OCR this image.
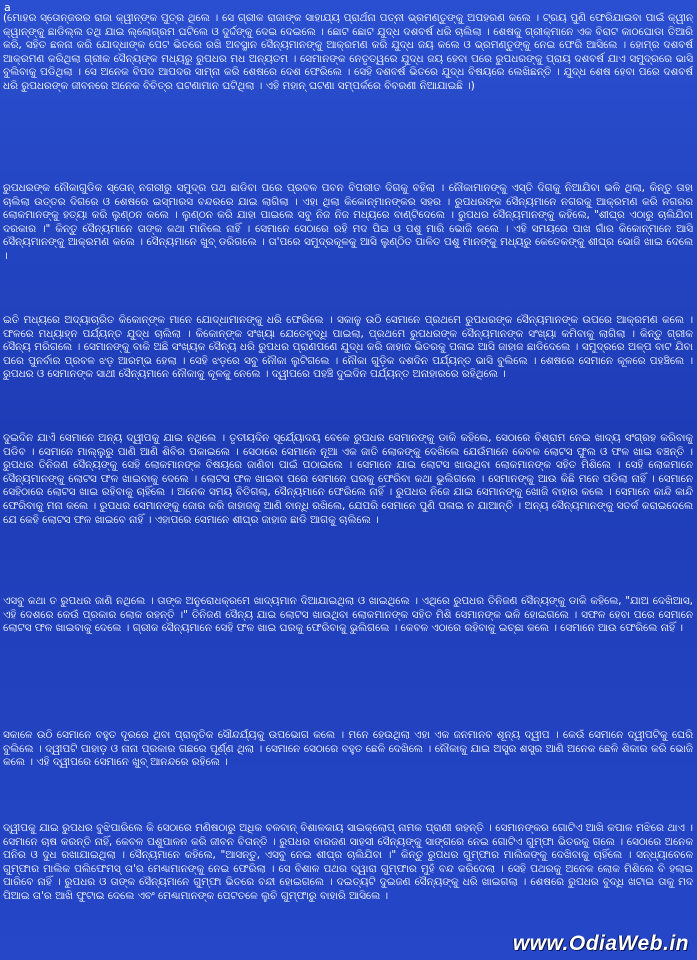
a

(ମୋହର ସ୍ତୋନ୍‌ଜରର ରାଜା କ୍ୱୀନ୍‌ଙ୍କ ପୁତ୍ର ଥିଲେ । ସେ ଗ୍ରୀକ ରାଜାଙ୍କ ସାହାଯ୍ୟ ପ୍ରାର୍ଥନା ପତ୍ନୀ ଭ୍ରମଣ୍ତୁଙ୍କୁ ଅପହରଣ କଲେ । ଟ୍ରୟ ପୁଣି ଫେରିଯାଇବା ପାଇଁ କ୍ୱୀନ୍ କ୍ୱାନ୍‌ଙ୍କୁ ଛାଡିଲ୍ଲ ତଥି ଯାଇ ଲ୍ଲୋଗ୍ରମ ଘଟିଲେ ଓ ଦୁର୍ଦ୍ଦଙ୍କୁ ଦେଇ ଦେଇଲେ । ଛୋଟ ଛୋଟ ଯୁଦ୍ଧ ଦଶବର୍ଷ ଧରି ଚାଲିଲା । ଶେଷକୁ ଗ୍ରୀକ୍‌ମାନେ ଏକ ବିରାଟ କାଠଘୋଡା ତିଆରି କରି, ସହିତ ଛଳନା କରି ଯୋଦ୍ଧାଙ୍କ ପେଟ ଭିତରେ ରଖି ଅବସ୍ଥାନ ସୈନ୍ୟମାନଙ୍କୁ ଆକ୍ରମଣ କରି ଯୁଦ୍ଧ ଜୟ କଲେ ଓ ଭ୍ରମଣ୍ତୁଙ୍କୁ ନେଇ ଫେରି ଆସିଲେ । ହୋମ୍ର ଦଶବର୍ଷ ଆକ୍ରମଣ କରିଥିଲା ଗ୍ରୀକ ସୈନ୍ୟଙ୍କ ମଧ୍ୟରୁ ରୁପଧର ମଧ ଅନ୍ୟତମ । ସେମାନଙ୍କ ନେତୃତ୍ୱରେ ଯୁଦ୍ଧ ଜୟ ହେବା ପରେ ରୁପଧରଙ୍କୁ ପ୍ରାୟ ଦଶବର୍ଷ ଯାଏ ସମୁଦ୍ରରେ ଭାସି ବୁଲିବାକୁ ପଡିଥିଲା । ସେ ଅନେକ ବିପଦ ଆପଦର ସାମ୍ନା କରି ଶେଷରେ ଦେଶ ଫେରିଲେ । ସେହି ଦଶବର୍ଷ ଭିତରେ ଯୁଦ୍ଧ ବିଷୟରେ ଲେଖିଛନ୍ତି । ଯୁଦ୍ଧ ଶେଷ ହେବା ପରେ ଦଶବର୍ଷ ଧରି ରୁପଧରଙ୍କ ଜୀବନରେ ଅନେକ ବିଚିତ୍ର ଘଟଣାମାନ ଘଟିଥିଲା । ଏହି ମହାନ୍ ଘଟଣା ସମ୍ପର୍କରେ ବିବରଣୀ ନିଆଯାଇଛି ।)

ରୁପଧରଙ୍କ ନୌକାଗୁଡିକ ସ୍ତୋନ୍ ନଗରୀରୁ ସମୁଦ୍ର ପଥ ଛାଡିବା ପରେ ପ୍ରବଳ ପବନ ବିପରୀତ ଦିଗକୁ ବହିଲା । ନୌକାମାନଙ୍କୁ ଏସ୍ତି ଦିଗକୁ ନିଆଯିବା ଭଳି ଥିଲା, କିନ୍ତୁ ତାହା ଚାଲିଲା ଉତ୍ତର ଦିଗରେ ଓ ଶେଷରେ ଇସ୍ମାରସ ବନ୍ଦରରେ ଯାଇ ଲାଗିଲା । ଏହା ଥିଲା କିକୋନ୍‌ମାନଙ୍କର ସହର । ରୁପଧରଙ୍କ ସୈନ୍ୟମାନେ ନଗରକୁ ଆକ୍ରମଣ କରି ନଗରର ଲୋକମାନଙ୍କୁ ହତ୍ୟା କରି ଲୁଣ୍ଠନ କଲେ । ଲୁଣ୍ଠନ କରି ଯାହା ପାଇଲେ ସବୁ ନିଜ ନିଜ ମଧ୍ୟରେ ବାଣ୍ଟିଦେଲେ । ରୁପଧର ସୈନ୍ୟମାନଙ୍କୁ କହିଲେ, "ଶୀଘ୍ର ଏଠାରୁ ଚାଲିଯିବା ଦରକାର ।" କିନ୍ତୁ ସୈନ୍ୟମାନେ ତାଙ୍କ କଥା ମାନିଲେ ନାହିଁ । ସେମାନେ ସେଠାରେ ରହି ମଦ ପିଇ ଓ ପଶୁ ମାରି ଭୋଜି କଲେ । ଏହି ସମୟରେ ପାଖ ଗାଁର କିକୋନ୍‌ମାନେ ଆସି ସୈନ୍ୟମାନଙ୍କୁ ଆକ୍ରମଣ କଲେ । ସୈନ୍ୟମାନେ ଖୁବ୍ ଡରିଗଲେ । ତା'ପରେ ସମୁଦ୍ରକୂଳକୁ ଆସି ଲୁଣ୍ଠିତ ପାଳିତ ପଶୁ ମାନଙ୍କୁ ମଧ୍ୟରୁ କେତେକଙ୍କୁ ଶୀଘ୍ର ଭୋଜି ଖାଇ ଦେଲେ ।

ଇତି ମଧ୍ୟରେ ଅଦ୍ୟାଚାରିତ କିକୋନ୍‌ଙ୍କ ମାନେ ଯୋଦ୍ଧାମାନଙ୍କୁ ଧରି ଫେରିଲେ । ସକାଳୁ ଉଠି ସେମାନେ ପ୍ରଥମେ ରୁପଧରଙ୍କ ସୈନ୍ୟମାନଙ୍କ ଉପରେ ଆକ୍ରମଣ କଲେ । ଫଳରେ ମଧ୍ୟାହ୍ନ ପର୍ଯ୍ୟନ୍ତ ଯୁଦ୍ଧ ଚାଲିଲା । କିକୋନ୍‌ଙ୍କ ସଂଖ୍ୟା ଯେତେବୃଦ୍ଧି ପାଇଲା, ପ୍ରଥମେ ରୁପଧରଙ୍କ ସୈନ୍ୟମାନଙ୍କ ସଂଖ୍ୟା କମିବାକୁ ଲାଗିଲା । କିନ୍ତୁ ଗ୍ରୀକ ସୈନ୍ୟ ମରିଗଲେ । ସେମାନଙ୍କୁ ବାକି ଅଛି ସଂଖ୍ୟକ ସୈନ୍ୟ ଧରି ରୁପଧର ପ୍ରାଣପଣେ ଯୁଦ୍ଧ କରି ଜାହାଜ ଭିତରକୁ ପଳାଇ ଆସି ଜାହାଜ ଛାଡିଦେଲେ । ସମୁଦ୍ରରେ ଅଳ୍ପ ବାଟ ଯିବା ପରେ ପୁନର୍ବାର ପ୍ରବଳ ଝଡ଼ ଆରମ୍ଭ ହେଲା । ସେହି ଝଡ଼ରେ ସବୁ ନୌକା ଲୁଟିଗଲେ । ନୌକା ଗୁଡ଼ିକ ଦଶଦିନ ପର୍ଯ୍ୟନ୍ତ ଭାସି ବୁଲିଲେ । ଶେଷରେ ସେମାନେ କୂଳରେ ପହଞ୍ଚିଲେ । ରୁପଧର ଓ ସେମାନଙ୍କ ସାଥୀ ସୈନ୍ୟମାନେ ନୌକାକୁ କୂଳକୁ ନେଲେ । ଦ୍ୱୀପରେ ପହଞ୍ଚି ଦୁଇଦିନ ପର୍ଯ୍ୟନ୍ତ ଅନାହାରରେ ରହିଥିଲେ ।

ଦୁଇଦିନ ଯାଏଁ ସେମାନେ ଅନ୍ୟ ଦ୍ୱୀପକୁ ଯାଇ ନଥିଲେ । ତୃତୀୟଦିନ ସୂର୍ଯ୍ୟୋଦୟ ବେଳେ ରୁପଧର ସେମାନଙ୍କୁ ଡାକି କହିଲେ, ସେଠାରେ ବିଶ୍ରାମ ନେଇ ଖାଦ୍ୟ ସଂଗ୍ରହ କରିବାକୁ ପଡିବ । ସେମାନେ ମାଲ୍ଲୁରୁ ପାଣି ଆଣି ଶିବିର ପକାଇଲେ । ସେଠାରେ ସେମାନେ ନୂଆ ଏକ ଜାତି ଲୋକଙ୍କୁ ଦେଖିଲେ ଯେଉଁମାନେ କେବଳ ଲୋଟସ ଫୁଲ ଓ ଫଳ ଖାଇ ବଞ୍ଚନ୍ତି । ରୁପଧର ତିନିଜଣ ସୈନ୍ୟଙ୍କୁ ସେହି ଲୋକମାନଙ୍କ ବିଷୟରେ ଜାଣିବା ପାଇଁ ପଠାଇଲେ । ସେମାନେ ଯାଇ ଲୋଟସ ଖାଉଥିବା ଲୋକମାନଙ୍କ ସହିତ ମିଶିଲେ । ସେହି ଲୋକମାନେ ସୈନ୍ୟମାନଙ୍କୁ ଲୋଟସ ଫଳ ଖାଇବାକୁ ଦେଲେ । ଲୋଟସ ଫଳ ଖାଇବା ପରେ ସେମାନେ ଘରକୁ ଫେରିବା କଥା ଭୁଲିଗଲେ । ସେମାନଙ୍କୁ ଆଉ କିଛି ମନେ ପଡିଲା ନାହିଁ । ସେମାନେ ସେହିଠାରେ ଲୋଟସ ଖାଇ ରହିବାକୁ ଚାହିଁଲେ । ଅନେକ ସମୟ ବିତିଗଲା, ସୈନ୍ୟମାନେ ଫେରିଲେ ନାହିଁ । ରୁପଧର ନିଜେ ଯାଇ ସେମାନଙ୍କୁ ଖୋଜି ବାହାର କଲେ । ସେମାନେ କାନ୍ଦି କାନ୍ଦି ଫେରିବାକୁ ମନା କଲେ । ରୁପଧର ସେମାନଙ୍କୁ ଜୋର କରି ଜାହାଜକୁ ଆଣି ବାନ୍ଧି ରଖିଲେ, ଯେପରି ସେମାନେ ପୁଣି ପଳାଇ ନ ଯାଆନ୍ତି । ଅନ୍ୟ ସୈନ୍ୟମାନଙ୍କୁ ସତର୍କ କରାଇଦେଲେ ଯେ କେହି ଲୋଟସ ଫଳ ଖାଇବେ ନାହିଁ । ଏହାପରେ ସେମାନେ ଶୀଘ୍ର ଜାହାଜ ଛାଡି ଆଗକୁ ଚାଲିଲେ ।

ଏସବୁ କଥା ତ ରୁପଧର ଜାଣି ନଥିଲେ । ତାଙ୍କ ଅନୁରୋଧକ୍ରମେ ଖାଦ୍ୟମାନ ଦିଆଯାଇଥିଲା ଓ ଖାଇଥିଲେ । ଏଥିରେ ରୁପଧର ତିନିଜଣ ସୈନ୍ୟଙ୍କୁ ଡାକି କହିଲେ, "ଯାଅ ଦେଖିଆସ, ଏହି ଦେଶରେ କେଉଁ ପ୍ରକାର ଲୋକ ରହନ୍ତି ।" ତିନିଜଣ ସୈନ୍ୟ ଯାଇ ଲୋଟସ ଖାଉଥିବା ଲୋକମାନଙ୍କ ସହିତ ମିଶି ସେମାନଙ୍କ ଭଳି ହୋଇଗଲେ । ସଫଳ ହେବା ପରେ ସେମାନେ ଲୋଟସ ଫଳ ଖାଇବାକୁ ଦେଲେ । ଗ୍ରୀକ ସୈନ୍ୟମାନେ ସେହି ଫଳ ଖାଇ ଘରକୁ ଫେରିବାକୁ ଭୁଲିଗଲେ । କେବଳ ଏଠାରେ ରହିବାକୁ ଇଚ୍ଛା କଲେ । ସେମାନେ ଆଉ ଫେରିଲେ ନାହିଁ ।

ସକାଳେ ଉଠି ସେମାନେ ବହୁତ ଦୂରରେ ଥିବା ପ୍ରାକୃତିକ ସୌନ୍ଦର୍ଯ୍ୟକୁ ଉପଭୋଗ କଲେ । ମନେ ହେଉଥିଲା ଏହା ଏକ ଜନମାନବ ଶୂନ୍ୟ ଦ୍ୱୀପ । କେଉଁ ସେମାନେ ଦ୍ୱୀପଟିକୁ ଘେରି ବୁଲିଲେ । ଦ୍ୱୀପଟି ପାହାଡ଼ ଓ ନାନା ପ୍ରକାର ଗଛରେ ପୂର୍ଣ୍ଣ ଥିଲା । ସେମାନେ ସେଠାରେ ବହୁତ ଛେଳି ଦେଖିଲେ । ନୌକାକୁ ଯାଇ ଅସ୍ତ୍ର ଶସ୍ତ୍ର ଆଣି ଅନେକ ଛେଳି ଶିକାର କରି ଭୋଜି କଲେ । ଏହି ଦ୍ୱୀପରେ ସେମାନେ ଖୁବ୍ ଆନନ୍ଦରେ ରହିଲେ ।

ଦ୍ୱୀପକୁ ଯାଇ ରୁପଧର ବୁଝିପାରିଲେ କି ସେଠାରେ ମଣିଷଠାରୁ ଅଧିକ ବଳବାନ୍ ବିଶାଳକାୟ ସାଇକ୍ଲୋପ୍ ନାମକ ପ୍ରାଣୀ ରହନ୍ତି । ସେମାନଙ୍କର ଗୋଟିଏ ଆଖି କପାଳ ମଝିରେ ଥାଏ । ସେମାନେ ଚାଷ କରନ୍ତି ନାହିଁ, କେବଳ ପଶୁପାଳନ କରି ଜୀବନ ବିତାନ୍ତି । ରୁପଧର ବାରଜଣ ସାହସୀ ସୈନ୍ୟଙ୍କୁ ସାଙ୍ଗରେ ନେଇ ଗୋଟିଏ ଗୁମ୍ଫା ଭିତରକୁ ଗଲେ । ସେଠାରେ ଅନେକ ପନିର ଓ ଦୁଧ ରଖାଯାଇଥିଲା । ସୈନ୍ୟମାନେ କହିଲେ, "ଆସନ୍ତୁ, ଏସବୁ ନେଇ ଶୀଘ୍ର ଚାଲିଯିବା ।" କିନ୍ତୁ ରୁପଧର ଗୁମ୍ଫାର ମାଲିକଙ୍କୁ ଦେଖିବାକୁ ଚାହିଁଲେ । ସନ୍ଧ୍ୟାବେଳେ ଗୁମ୍ଫାର ମାଲିକ ପଲିଫେମସ୍ ତା'ର ମେଣ୍ଢାମାନଙ୍କୁ ନେଇ ଫେରିଲା । ସେ ବିଶାଳ ପଥର ଦ୍ୱାରା ଗୁମ୍ଫାର ମୁହଁ ବନ୍ଦ କରିଦେଲା । ସେହି ପଥରକୁ ଅନେକ ଲୋକ ମିଶିଲେ ବି ହଲାଇ ପାରିବେ ନାହିଁ । ରୁପଧର ଓ ତାଙ୍କ ସୈନ୍ୟମାନେ ଗୁମ୍ଫା ଭିତରେ ବନ୍ଦୀ ହୋଇଗଲେ । ଦଇତ୍ୟଟି ଦୁଇଜଣ ସୈନ୍ୟଙ୍କୁ ଧରି ଖାଇଗଲା । ଶେଷରେ ରୁପଧର ବୁଦ୍ଧି ଖଟାଇ ତାକୁ ମଦ ପିଆଇ ତା'ର ଆଖି ଫୁଟାଇ ଦେଲେ ଏବଂ ମେଣ୍ଢାମାନଙ୍କ ପେଟତଳେ ଲୁଚି ଗୁମ୍ଫାରୁ ବାହାରି ଆସିଲେ ।

www.OdiaWeb.in
